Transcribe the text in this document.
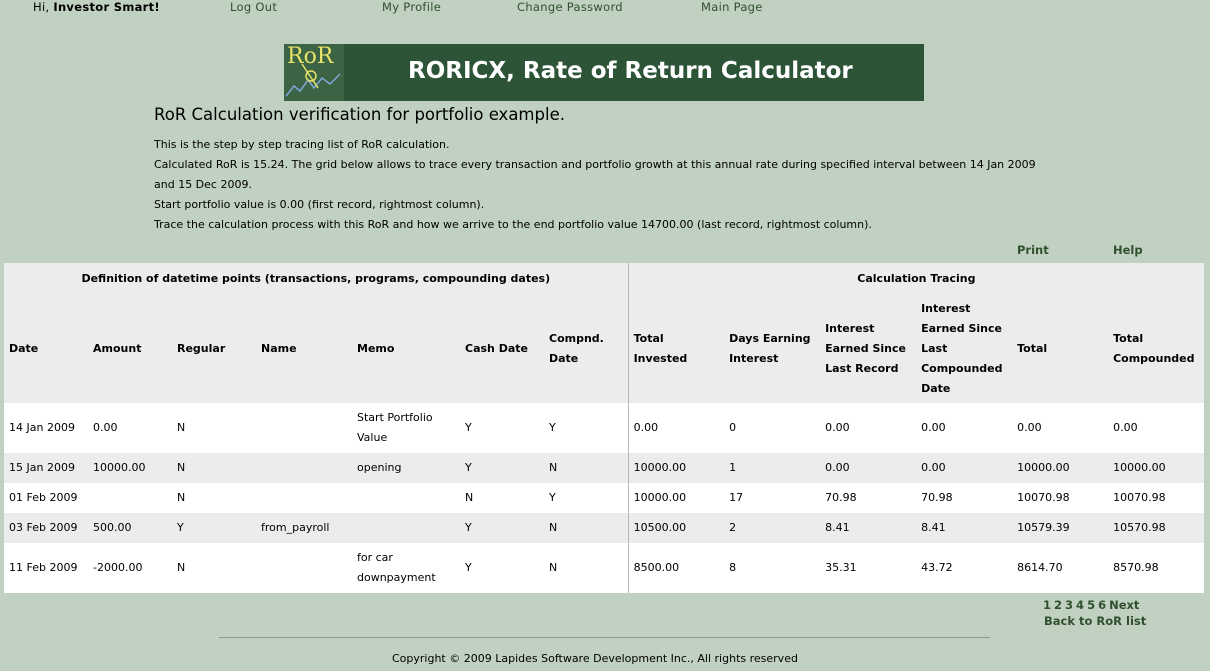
Hi, Investor Smart!	Log Out	My Profile	Change Password	Main Page
RoR
RORICX, Rate of Return Calculator
RoR Calculation verification for portfolio example.

This is the step by step tracing list of RoR calculation.

Calculated RoR is 15.24. The grid below allows to trace every transaction and portfolio growth at this annual rate during specified interval between 14 Jan 2009 and 15 Dec 2009.

Start portfolio value is 0.00 (first record, rightmost column).

Trace the calculation process with this RoR and how we arrive to the end portfolio value 14700.00 (last record, rightmost column).

Print	Help
Definition of datetime points (transactions, programs, compounding dates)							Calculation Tracing					
Date	Amount	Regular	Name	Memo	Cash Date	Compnd. Date	Total Invested	Days Earning Interest	Interest Earned Since Last Record	Interest Earned Since Last Compounded Date	Total	Total Compounded
14 Jan 2009	0.00	N		Start Portfolio Value	Y	Y	0.00	0	0.00	0.00	0.00	0.00
15 Jan 2009	10000.00	N		opening	Y	N	10000.00	1	0.00	0.00	10000.00	10000.00
01 Feb 2009		N			N	Y	10000.00	17	70.98	70.98	10070.98	10070.98
03 Feb 2009	500.00	Y	from_payroll		Y	N	10500.00	2	8.41	8.41	10579.39	10570.98
11 Feb 2009	-2000.00	N		for car downpayment	Y	N	8500.00	8	35.31	43.72	8614.70	8570.98
1 2 3 4 5 6 Next
Back to RoR list
Copyright © 2009 Lapides Software Development Inc., All rights reserved
